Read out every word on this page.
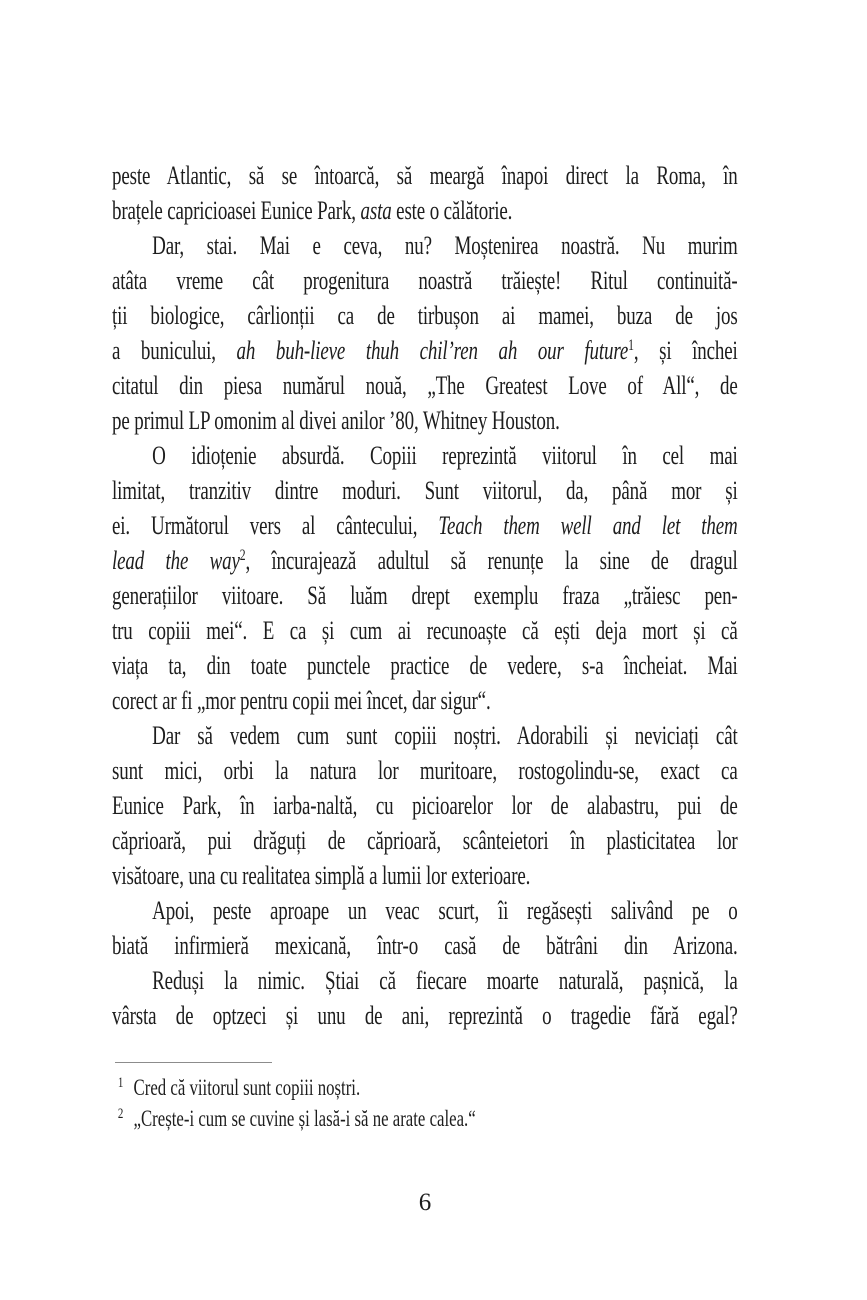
peste Atlantic, să se întoarcă, să meargă înapoi direct la Roma, în
brațele capricioasei Eunice Park, asta este o călătorie.
Dar, stai. Mai e ceva, nu? Moștenirea noastră. Nu murim
atâta vreme cât progenitura noastră trăiește! Ritul continuită-
ții biologice, cârlionții ca de tirbușon ai mamei, buza de jos
a bunicului, ah buh-lieve thuh chil’ren ah our future$^1$, și închei
citatul din piesa numărul nouă, „The Greatest Love of All“, de
pe primul LP omonim al divei anilor ’80, Whitney Houston.
O idioțenie absurdă. Copiii reprezintă viitorul în cel mai
limitat, tranzitiv dintre moduri. Sunt viitorul, da, până mor și
ei. Următorul vers al cântecului, Teach them well and let them
lead the way$^2$, încurajează adultul să renunțe la sine de dragul
generațiilor viitoare. Să luăm drept exemplu fraza „trăiesc pen-
tru copiii mei“. E ca și cum ai recunoaște că ești deja mort și că
viața ta, din toate punctele practice de vedere, s-a încheiat. Mai
corect ar fi „mor pentru copii mei încet, dar sigur“.
Dar să vedem cum sunt copiii noștri. Adorabili și neviciați cât
sunt mici, orbi la natura lor muritoare, rostogolindu-se, exact ca
Eunice Park, în iarba-naltă, cu picioarelor lor de alabastru, pui de
căprioară, pui drăguți de căprioară, scânteietori în plasticitatea lor
visătoare, una cu realitatea simplă a lumii lor exterioare.
Apoi, peste aproape un veac scurt, îi regăsești salivând pe o
biată infirmieră mexicană, într-o casă de bătrâni din Arizona.
Reduși la nimic. Știai că fiecare moarte naturală, pașnică, la
vârsta de optzeci și unu de ani, reprezintă o tragedie fără egal?
$^1$ Cred că viitorul sunt copiii noștri.
$^2$ „Crește-i cum se cuvine și lasă-i să ne arate calea.“
6
